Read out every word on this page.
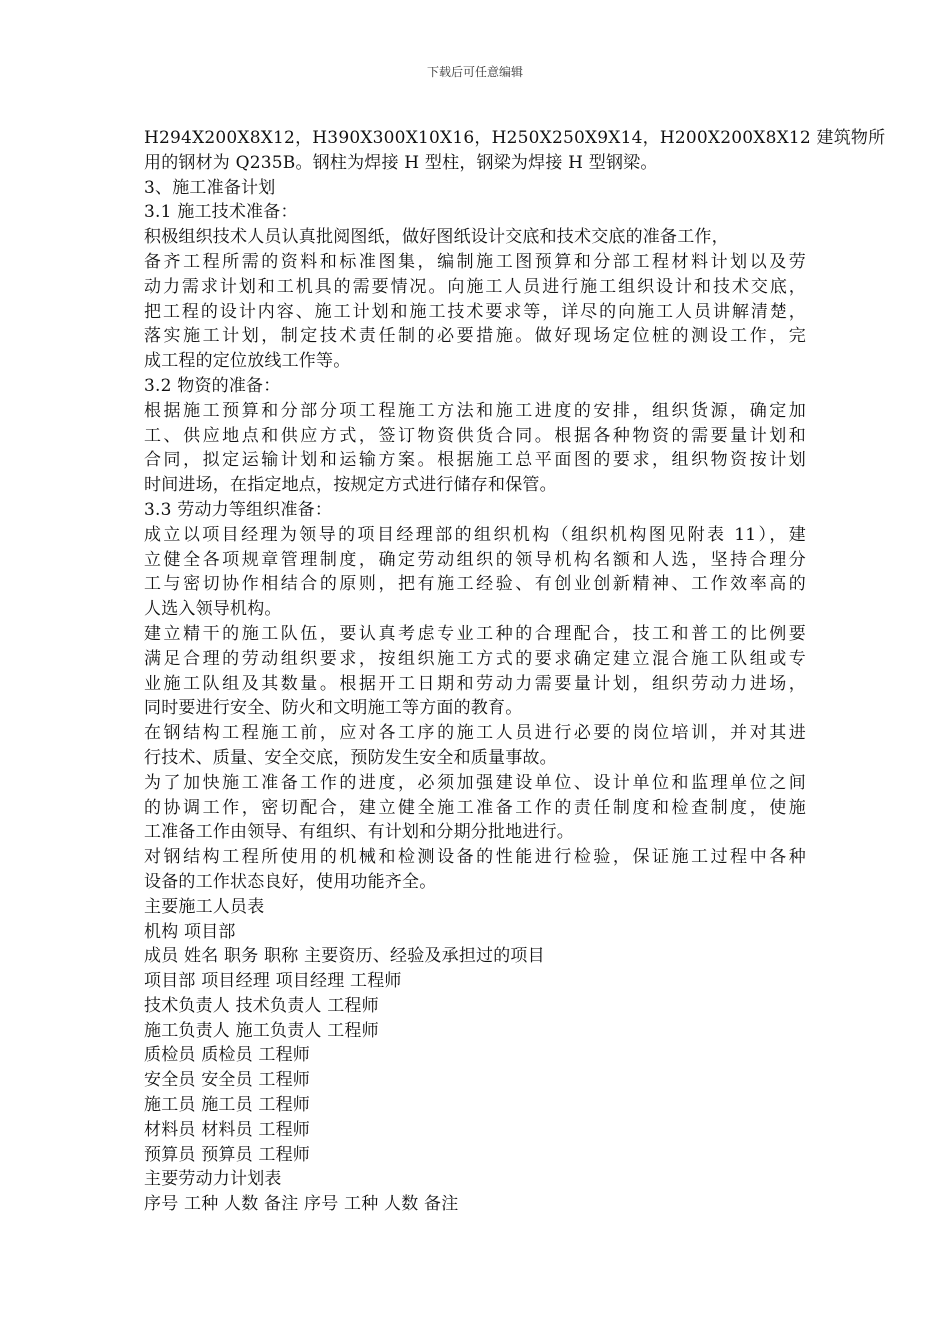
下载后可任意编辑
H294X200X8X12，H390X300X10X16，H250X250X9X14，H200X200X8X12 建筑物所
用的钢材为 Q235B。钢柱为焊接 H 型柱，钢梁为焊接 H 型钢梁。
3、施工准备计划
3.1 施工技术准备：
积极组织技术人员认真批阅图纸，做好图纸设计交底和技术交底的准备工作，
备齐工程所需的资料和标准图集，编制施工图预算和分部工程材料计划以及劳
动力需求计划和工机具的需要情况。向施工人员进行施工组织设计和技术交底，
把工程的设计内容、施工计划和施工技术要求等，详尽的向施工人员讲解清楚，
落实施工计划，制定技术责任制的必要措施。做好现场定位桩的测设工作，完
成工程的定位放线工作等。
3.2 物资的准备：
根据施工预算和分部分项工程施工方法和施工进度的安排，组织货源，确定加
工、供应地点和供应方式，签订物资供货合同。根据各种物资的需要量计划和
合同，拟定运输计划和运输方案。根据施工总平面图的要求，组织物资按计划
时间进场，在指定地点，按规定方式进行储存和保管。
3.3 劳动力等组织准备：
成立以项目经理为领导的项目经理部的组织机构（组织机构图见附表 11），建
立健全各项规章管理制度，确定劳动组织的领导机构名额和人选，坚持合理分
工与密切协作相结合的原则，把有施工经验、有创业创新精神、工作效率高的
人选入领导机构。
建立精干的施工队伍，要认真考虑专业工种的合理配合，技工和普工的比例要
满足合理的劳动组织要求，按组织施工方式的要求确定建立混合施工队组或专
业施工队组及其数量。根据开工日期和劳动力需要量计划，组织劳动力进场，
同时要进行安全、防火和文明施工等方面的教育。
在钢结构工程施工前，应对各工序的施工人员进行必要的岗位培训，并对其进
行技术、质量、安全交底，预防发生安全和质量事故。
为了加快施工准备工作的进度，必须加强建设单位、设计单位和监理单位之间
的协调工作，密切配合，建立健全施工准备工作的责任制度和检查制度，使施
工准备工作由领导、有组织、有计划和分期分批地进行。
对钢结构工程所使用的机械和检测设备的性能进行检验，保证施工过程中各种
设备的工作状态良好，使用功能齐全。
主要施工人员表
机构 项目部
成员 姓名 职务 职称 主要资历、经验及承担过的项目
项目部 项目经理 项目经理 工程师
技术负责人 技术负责人 工程师
施工负责人 施工负责人 工程师
质检员 质检员 工程师
安全员 安全员 工程师
施工员 施工员 工程师
材料员 材料员 工程师
预算员 预算员 工程师
主要劳动力计划表
序号 工种 人数 备注 序号 工种 人数 备注
